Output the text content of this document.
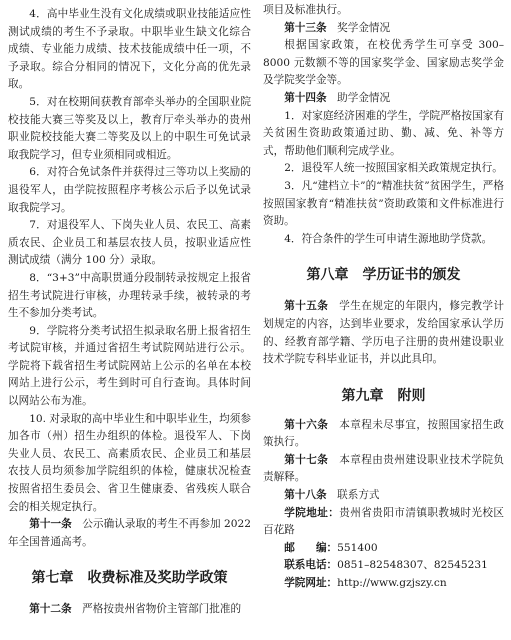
4．高中毕业生没有文化成绩或职业技能适应性测试成绩的考生不予录取。中职毕业生缺文化综合成绩、专业能力成绩、技术技能成绩中任一项，不予录取。综合分相同的情况下，文化分高的优先录取。

5．对在校期间获教育部牵头举办的全国职业院校技能大赛三等奖及以上，教育厅牵头举办的贵州职业院校技能大赛二等奖及以上的中职生可免试录取我院学习，但专业须相同或相近。

6．对符合免试条件并获得过三等功以上奖励的退役军人，由学院按照程序考核公示后予以免试录取我院学习。

7．对退役军人、下岗失业人员、农民工、高素质农民、企业员工和基层农技人员，按职业适应性测试成绩（满分 100 分）录取。

8．“3+3”中高职贯通分段制转录按规定上报省招生考试院进行审核，办理转录手续，被转录的考生不参加分类考试。

9．学院将分类考试招生拟录取名册上报省招生考试院审核，并通过省招生考试院网站进行公示。学院将下载省招生考试院网站上公示的名单在本校网站上进行公示，考生到时可自行查询。具体时间以网站公布为准。

10. 对录取的高中毕业生和中职毕业生，均须参加各市（州）招生办组织的体检。退役军人、下岗失业人员、农民工、高素质农民、企业员工和基层农技人员均须参加学院组织的体检，健康状况检查按照省招生委员会、省卫生健康委、省残疾人联合会的相关规定执行。

第十一条　 公示确认录取的考生不再参加 2022 年全国普通高考。

第七章　收费标准及奖助学政策

第十二条　 严格按贵州省物价主管部门批准的

项目及标准执行。

第十三条　 奖学金情况

根据国家政策，在校优秀学生可享受 300–8000 元数额不等的国家奖学金、国家励志奖学金及学院奖学金等。

第十四条　 助学金情况

1．对家庭经济困难的学生，学院严格按国家有关贫困生资助政策通过助、勤、减、免、补等方式，帮助他们顺利完成学业。

2．退役军人统一按照国家相关政策规定执行。

3．凡“建档立卡”的“精准扶贫”贫困学生，严格按照国家教育“精准扶贫”资助政策和文件标准进行资助。

4．符合条件的学生可申请生源地助学贷款。

第八章　学历证书的颁发

第十五条　 学生在规定的年限内，修完教学计划规定的内容，达到毕业要求，发给国家承认学历的、经教育部学籍、学历电子注册的贵州建设职业技术学院专科毕业证书，并以此具印。

第九章　附则

第十六条　 本章程未尽事宜，按照国家招生政策执行。

第十七条　 本章程由贵州建设职业技术学院负责解释。

第十八条　 联系方式

学院地址：贵州省贵阳市清镇职教城时光校区百花路

邮　　编：551400

联系电话：0851–82548307、82545231

学院网址：http://www.gzjszy.cn
